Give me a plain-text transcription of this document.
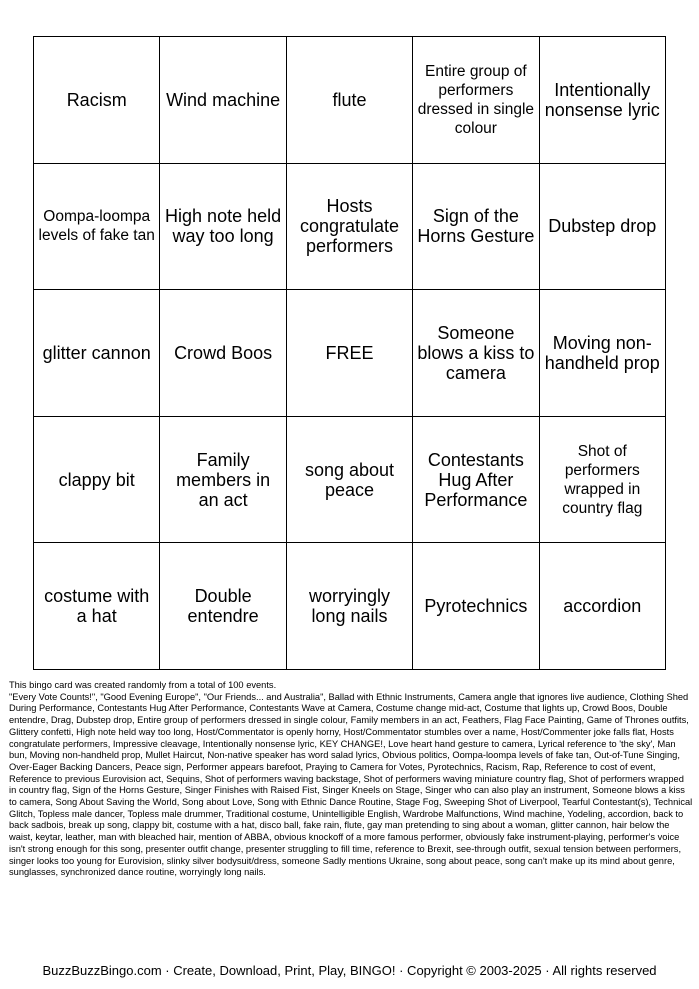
Racism	Wind machine	flute	Entire group of performers dressed in single colour	Intentionally nonsense lyric
Oompa-loompa levels of fake tan	High note held way too long	Hosts congratulate performers	Sign of the Horns Gesture	Dubstep drop
glitter cannon	Crowd Boos	FREE	Someone blows a kiss to camera	Moving non-handheld prop
clappy bit	Family members in an act	song about peace	Contestants Hug After Performance	Shot of performers wrapped in country flag
costume with a hat	Double entendre	worryingly long nails	Pyrotechnics	accordion

This bingo card was created randomly from a total of 100 events.

"Every Vote Counts!", "Good Evening Europe", "Our Friends... and Australia", Ballad with Ethnic Instruments, Camera angle that ignores live audience, Clothing Shed During Performance, Contestants Hug After Performance, Contestants Wave at Camera, Costume change mid-act, Costume that lights up, Crowd Boos, Double entendre, Drag, Dubstep drop, Entire group of performers dressed in single colour, Family members in an act, Feathers, Flag Face Painting, Game of Thrones outfits, Glittery confetti, High note held way too long, Host/Commentator is openly horny, Host/Commentator stumbles over a name, Host/Commenter joke falls flat, Hosts congratulate performers, Impressive cleavage, Intentionally nonsense lyric, KEY CHANGE!, Love heart hand gesture to camera, Lyrical reference to 'the sky', Man bun, Moving non-handheld prop, Mullet Haircut, Non-native speaker has word salad lyrics, Obvious politics, Oompa-loompa levels of fake tan, Out-of-Tune Singing, Over-Eager Backing Dancers, Peace sign, Performer appears barefoot, Praying to Camera for Votes, Pyrotechnics, Racism, Rap, Reference to cost of event, Reference to previous Eurovision act, Sequins, Shot of performers waving backstage, Shot of performers waving miniature country flag, Shot of performers wrapped in country flag, Sign of the Horns Gesture, Singer Finishes with Raised Fist, Singer Kneels on Stage, Singer who can also play an instrument, Someone blows a kiss to camera, Song About Saving the World, Song about Love, Song with Ethnic Dance Routine, Stage Fog, Sweeping Shot of Liverpool, Tearful Contestant(s), Technical Glitch, Topless male dancer, Topless male drummer, Traditional costume, Unintelligible English, Wardrobe Malfunctions, Wind machine, Yodeling, accordion, back to back sadbois, break up song, clappy bit, costume with a hat, disco ball, fake rain, flute, gay man pretending to sing about a woman, glitter cannon, hair below the waist, keytar, leather, man with bleached hair, mention of ABBA, obvious knockoff of a more famous performer, obviously fake instrument-playing, performer's voice isn't strong enough for this song, presenter outfit change, presenter struggling to fill time, reference to Brexit, see-through outfit, sexual tension between performers, singer looks too young for Eurovision, slinky silver bodysuit/dress, someone Sadly mentions Ukraine, song about peace, song can't make up its mind about genre, sunglasses, synchronized dance routine, worryingly long nails.

BuzzBuzzBingo.com · Create, Download, Print, Play, BINGO! · Copyright © 2003-2025 · All rights reserved
